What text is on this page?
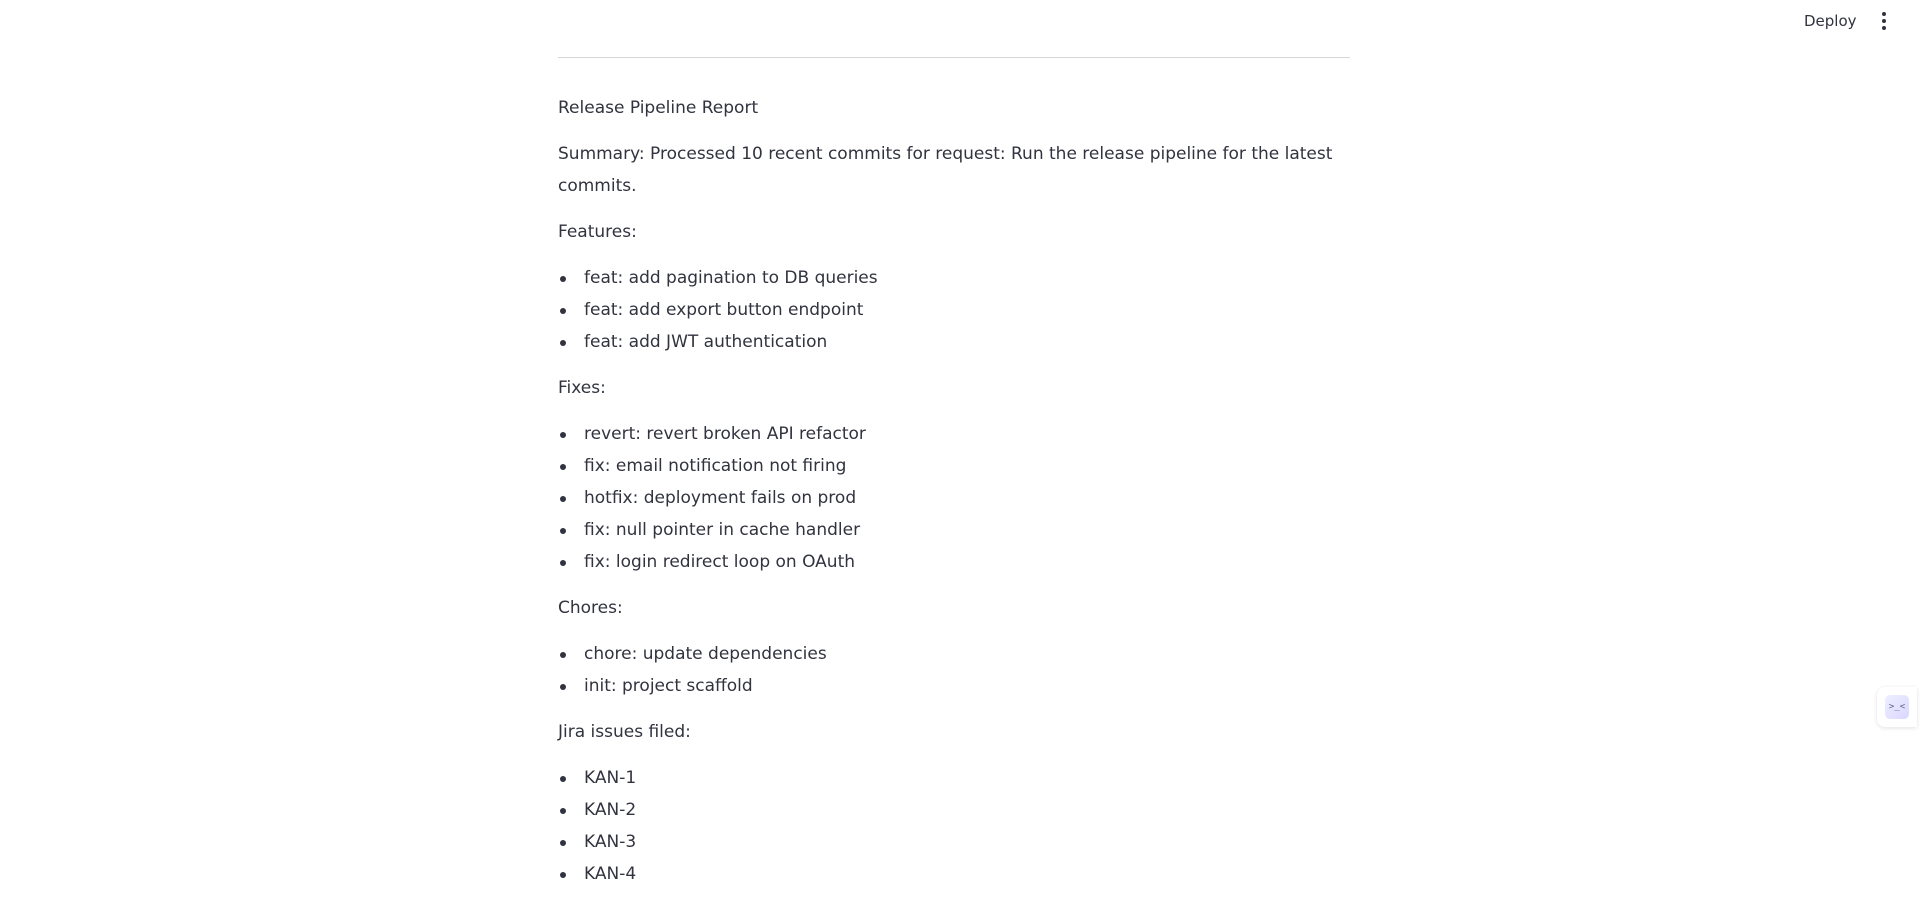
Deploy

Release Pipeline Report

Summary: Processed 10 recent commits for request: Run the release pipeline for the latest commits.

Features:

feat: add pagination to DB queries
feat: add export button endpoint
feat: add JWT authentication

Fixes:

revert: revert broken API refactor
fix: email notification not firing
hotfix: deployment fails on prod
fix: null pointer in cache handler
fix: login redirect loop on OAuth

Chores:

chore: update dependencies
init: project scaffold

Jira issues filed:

KAN-1
KAN-2
KAN-3
KAN-4
>_<
